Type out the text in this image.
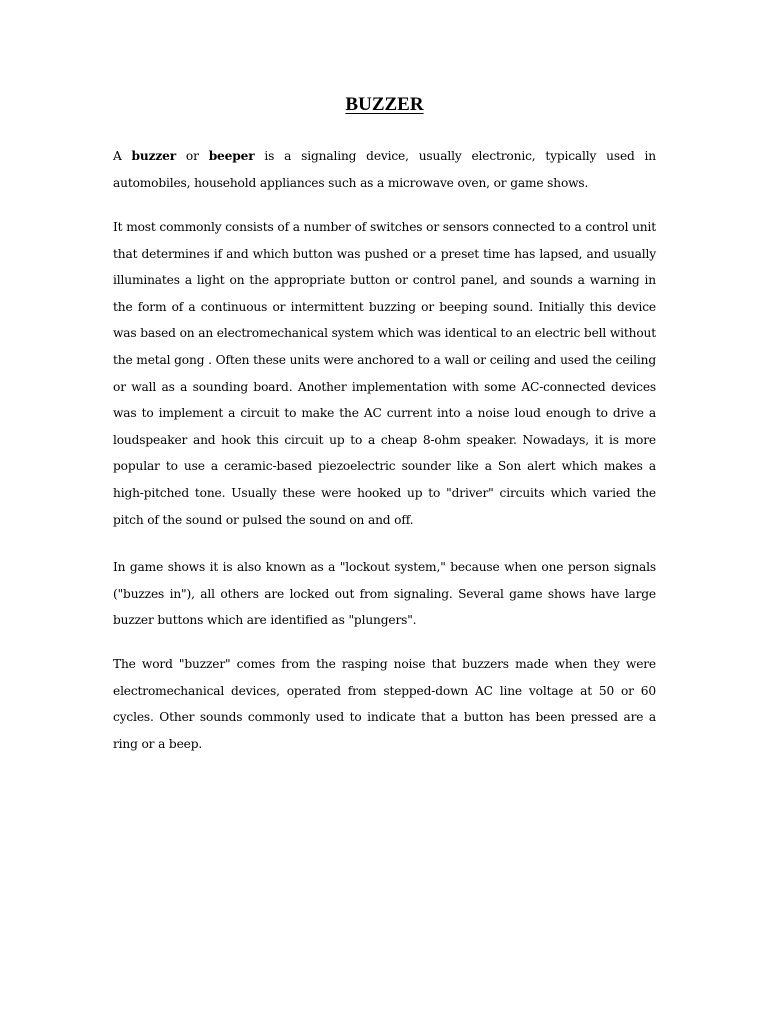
BUZZER

A buzzer or beeper is a signaling device, usually electronic, typically used in automobiles, household appliances such as a microwave oven, or game shows.

It most commonly consists of a number of switches or sensors connected to a control unit that determines if and which button was pushed or a preset time has lapsed, and usually illuminates a light on the appropriate button or control panel, and sounds a warning in the form of a continuous or intermittent buzzing or beeping sound. Initially this device was based on an electromechanical system which was identical to an electric bell without the metal gong . Often these units were anchored to a wall or ceiling and used the ceiling or wall as a sounding board. Another implementation with some AC-connected devices was to implement a circuit to make the AC current into a noise loud enough to drive a loudspeaker and hook this circuit up to a cheap 8-ohm speaker. Nowadays, it is more popular to use a ceramic-based piezoelectric sounder like a Son alert which makes a high-pitched tone. Usually these were hooked up to "driver" circuits which varied the pitch of the sound or pulsed the sound on and off.

In game shows it is also known as a "lockout system," because when one person signals ("buzzes in"), all others are locked out from signaling. Several game shows have large buzzer buttons which are identified as "plungers".

The word "buzzer" comes from the rasping noise that buzzers made when they were electromechanical devices, operated from stepped-down AC line voltage at 50 or 60 cycles. Other sounds commonly used to indicate that a button has been pressed are a ring or a beep.
